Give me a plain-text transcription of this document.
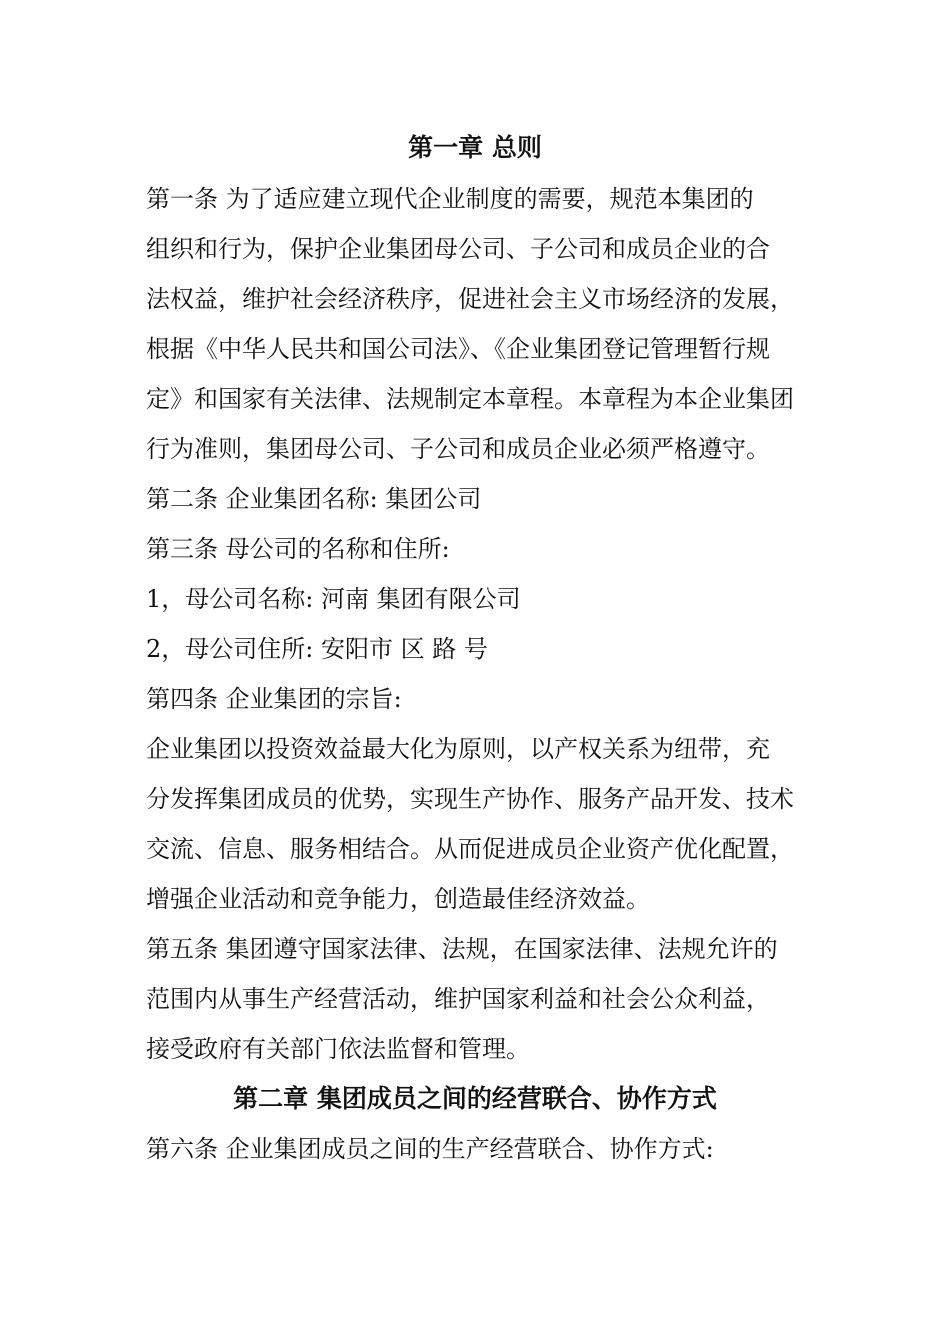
第一章 总则
第一条 为了适应建立现代企业制度的需要，规范本集团的
组织和行为，保护企业集团母公司、子公司和成员企业的合
法权益，维护社会经济秩序，促进社会主义市场经济的发展，
根据《中华人民共和国公司法》、《企业集团登记管理暂行规
定》和国家有关法律、法规制定本章程。本章程为本企业集团
行为准则，集团母公司、子公司和成员企业必须严格遵守。
第二条 企业集团名称: 集团公司
第三条 母公司的名称和住所:
1，母公司名称: 河南 集团有限公司
2，母公司住所: 安阳市 区 路 号
第四条 企业集团的宗旨:
企业集团以投资效益最大化为原则，以产权关系为纽带，充
分发挥集团成员的优势，实现生产协作、服务产品开发、技术
交流、信息、服务相结合。从而促进成员企业资产优化配置，
增强企业活动和竞争能力，创造最佳经济效益。
第五条 集团遵守国家法律、法规，在国家法律、法规允许的
范围内从事生产经营活动，维护国家利益和社会公众利益，
接受政府有关部门依法监督和管理。
第二章 集团成员之间的经营联合、协作方式
第六条 企业集团成员之间的生产经营联合、协作方式:
